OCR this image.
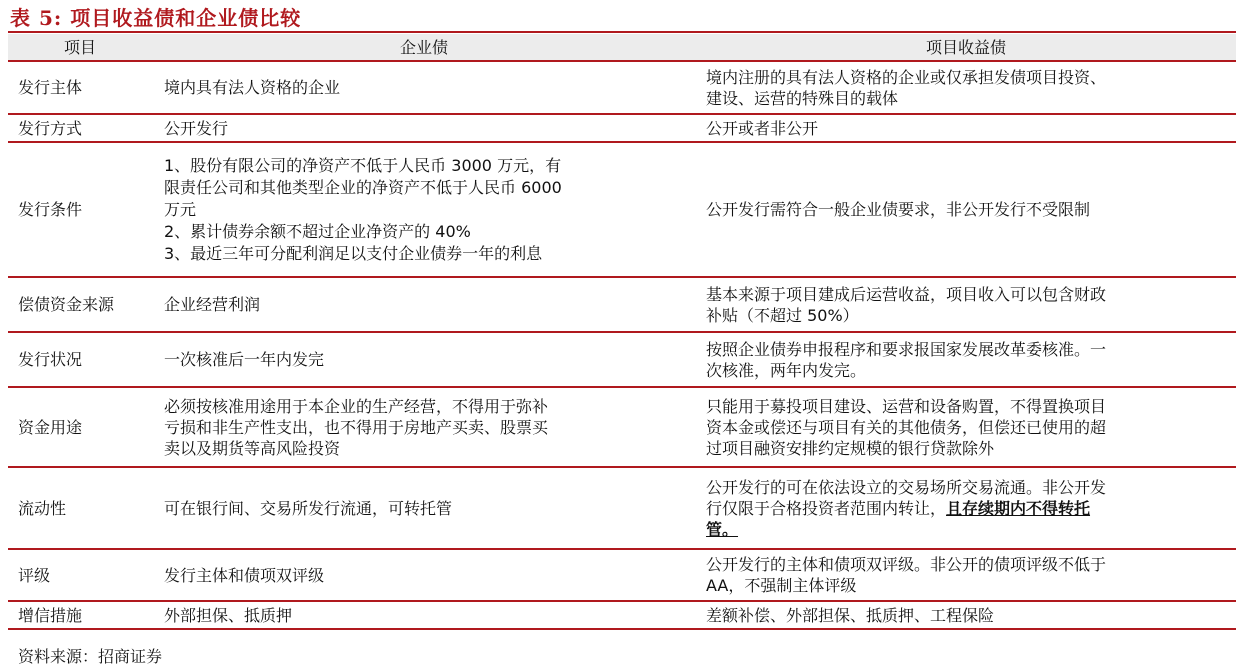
表 5: 项目收益债和企业债比较
项目	企业债	项目收益债
发行主体	境内具有法人资格的企业	境内注册的具有法人资格的企业或仅承担发债项目投资、
建设、运营的特殊目的载体

发行方式	公开发行	公开或者非公开

发行条件	1、股份有限公司的净资产不低于人民币 3000 万元，有
限责任公司和其他类型企业的净资产不低于人民币 6000
万元
2、累计债券余额不超过企业净资产的 40%
3、最近三年可分配利润足以支付企业债券一年的利息	公开发行需符合一般企业债要求，非公开发行不受限制

偿债资金来源	企业经营利润	基本来源于项目建成后运营收益，项目收入可以包含财政
补贴（不超过 50%）

发行状况	一次核准后一年内发完	按照企业债券申报程序和要求报国家发展改革委核准。一
次核准，两年内发完。

资金用途	必须按核准用途用于本企业的生产经营，不得用于弥补
亏损和非生产性支出，也不得用于房地产买卖、股票买
卖以及期货等高风险投资	只能用于募投项目建设、运营和设备购置，不得置换项目
资本金或偿还与项目有关的其他债务，但偿还已使用的超
过项目融资安排约定规模的银行贷款除外

流动性	可在银行间、交易所发行流通，可转托管	公开发行的可在依法设立的交易场所交易流通。非公开发
行仅限于合格投资者范围内转让，且存续期内不得转托
管。

评级	发行主体和债项双评级	公开发行的主体和债项双评级。非公开的债项评级不低于
AA，不强制主体评级

增信措施	外部担保、抵质押	差额补偿、外部担保、抵质押、工程保险
资料来源：招商证券
